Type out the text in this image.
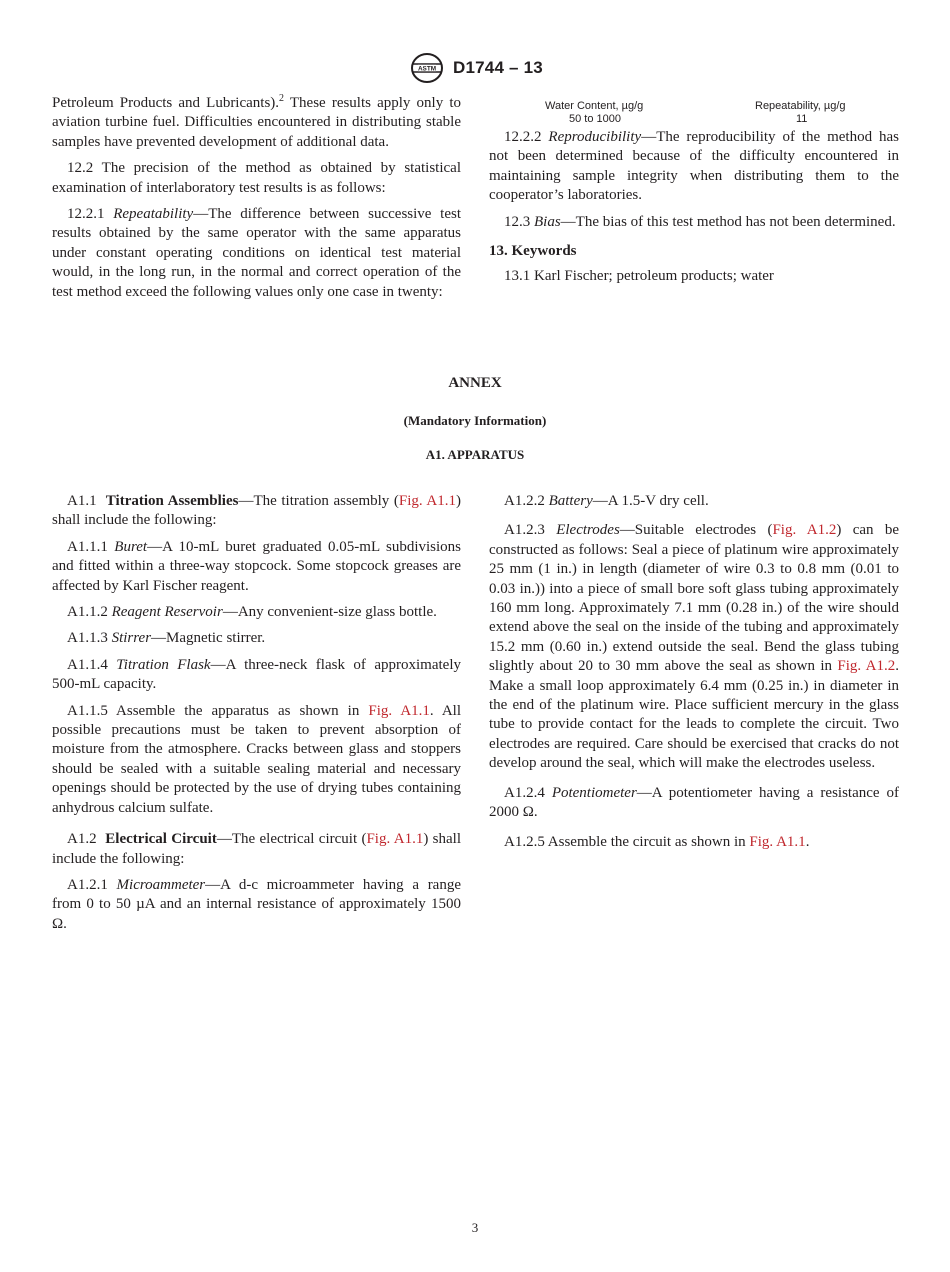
ASTM D1744 – 13

Petroleum Products and Lubricants).$^2$ These results apply only to aviation turbine fuel. Difficulties encountered in distributing stable samples have prevented development of additional data.

12.2 The precision of the method as obtained by statistical examination of interlaboratory test results is as follows:

12.2.1 Repeatability—The difference between successive test results obtained by the same operator with the same apparatus under constant operating conditions on identical test material would, in the long run, in the normal and correct operation of the test method exceed the following values only one case in twenty:

Water Content, µg/g	Repeatability, µg/g
50 to 1000	11

12.2.2 Reproducibility—The reproducibility of the method has not been determined because of the difficulty encountered in maintaining sample integrity when distributing them to the cooperator’s laboratories.

12.3 Bias—The bias of this test method has not been determined.

13. Keywords

13.1 Karl Fischer; petroleum products; water

ANNEX
(Mandatory Information)
A1. APPARATUS

A1.1 Titration Assemblies—The titration assembly (Fig. A1.1) shall include the following:

A1.1.1 Buret—A 10-mL buret graduated 0.05-mL subdivisions and fitted within a three-way stopcock. Some stopcock greases are affected by Karl Fischer reagent.

A1.1.2 Reagent Reservoir—Any convenient-size glass bottle.

A1.1.3 Stirrer—Magnetic stirrer.

A1.1.4 Titration Flask—A three-neck flask of approximately 500-mL capacity.

A1.1.5 Assemble the apparatus as shown in Fig. A1.1. All possible precautions must be taken to prevent absorption of moisture from the atmosphere. Cracks between glass and stoppers should be sealed with a suitable sealing material and necessary openings should be protected by the use of drying tubes containing anhydrous calcium sulfate.

A1.2 Electrical Circuit—The electrical circuit (Fig. A1.1) shall include the following:

A1.2.1 Microammeter—A d-c microammeter having a range from 0 to 50 µA and an internal resistance of approximately 1500 Ω.

A1.2.2 Battery—A 1.5-V dry cell.

A1.2.3 Electrodes—Suitable electrodes (Fig. A1.2) can be constructed as follows: Seal a piece of platinum wire approximately 25 mm (1 in.) in length (diameter of wire 0.3 to 0.8 mm (0.01 to 0.03 in.)) into a piece of small bore soft glass tubing approximately 160 mm long. Approximately 7.1 mm (0.28 in.) of the wire should extend above the seal on the inside of the tubing and approximately 15.2 mm (0.60 in.) extend outside the seal. Bend the glass tubing slightly about 20 to 30 mm above the seal as shown in Fig. A1.2. Make a small loop approximately 6.4 mm (0.25 in.) in diameter in the end of the platinum wire. Place sufficient mercury in the glass tube to provide contact for the leads to complete the circuit. Two electrodes are required. Care should be exercised that cracks do not develop around the seal, which will make the electrodes useless.

A1.2.4 Potentiometer—A potentiometer having a resistance of 2000 Ω.

A1.2.5 Assemble the circuit as shown in Fig. A1.1.

3
